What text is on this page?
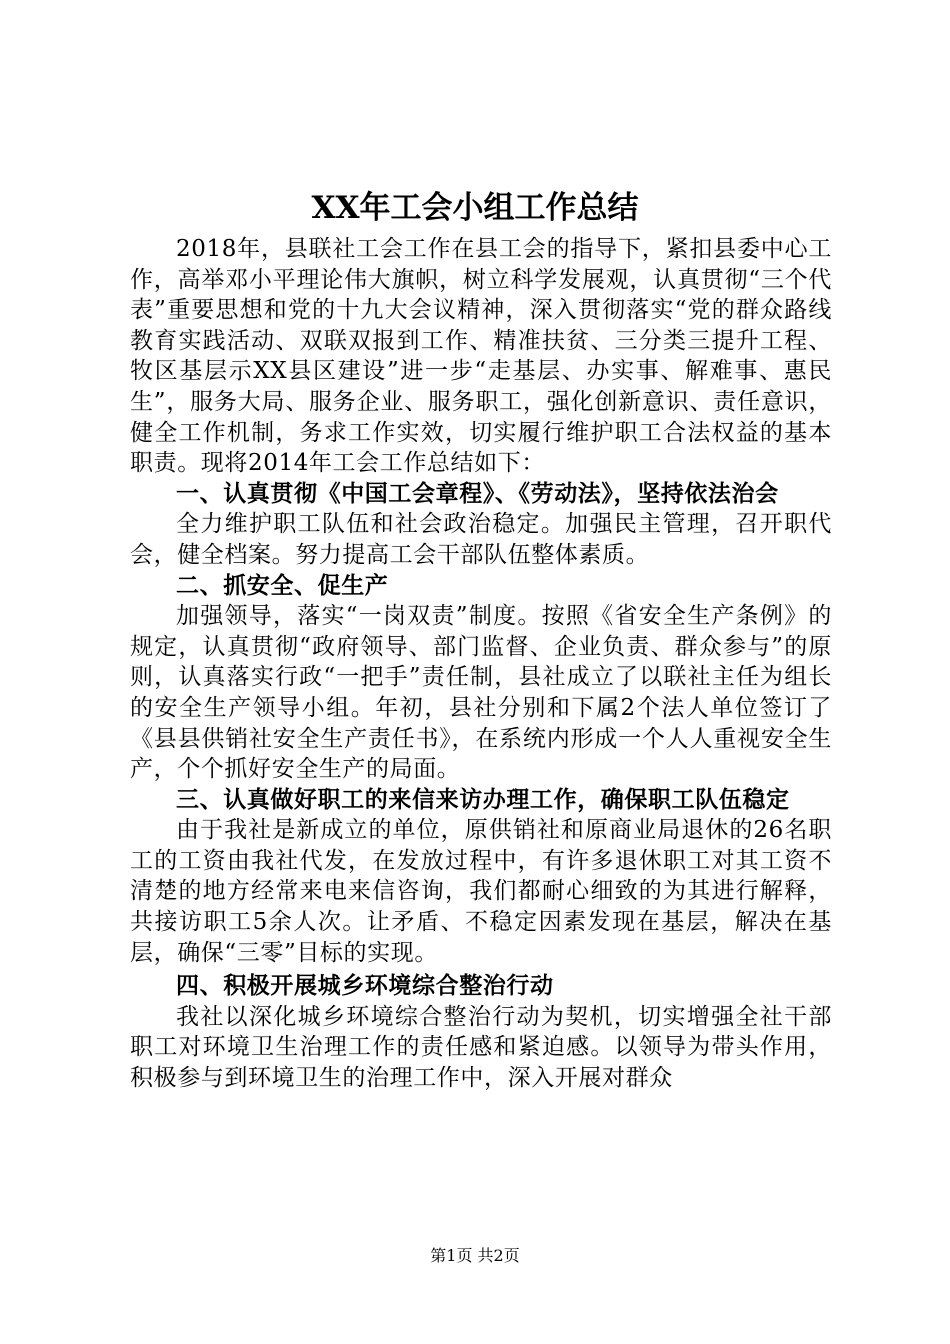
XX年工会小组工作总结

2018年，县联社工会工作在县工会的指导下，紧扣县委中心工作，高举邓小平理论伟大旗帜，树立科学发展观，认真贯彻“三个代表”重要思想和党的十九大会议精神，深入贯彻落实“党的群众路线教育实践活动、双联双报到工作、精准扶贫、三分类三提升工程、牧区基层示XX县区建设”进一步“走基层、办实事、解难事、惠民生”，服务大局、服务企业、服务职工，强化创新意识、责任意识，健全工作机制，务求工作实效，切实履行维护职工合法权益的基本职责。现将2014年工会工作总结如下：

一、认真贯彻《中国工会章程》、《劳动法》，坚持依法治会

全力维护职工队伍和社会政治稳定。加强民主管理，召开职代会，健全档案。努力提高工会干部队伍整体素质。

二、抓安全、促生产

加强领导，落实“一岗双责”制度。按照《省安全生产条例》的规定，认真贯彻“政府领导、部门监督、企业负责、群众参与”的原则，认真落实行政“一把手”责任制，县社成立了以联社主任为组长的安全生产领导小组。年初，县社分别和下属2个法人单位签订了《县县供销社安全生产责任书》，在系统内形成一个人人重视安全生产，个个抓好安全生产的局面。

三、认真做好职工的来信来访办理工作，确保职工队伍稳定

由于我社是新成立的单位，原供销社和原商业局退休的26名职工的工资由我社代发，在发放过程中，有许多退休职工对其工资不清楚的地方经常来电来信咨询，我们都耐心细致的为其进行解释，共接访职工5余人次。让矛盾、不稳定因素发现在基层，解决在基层，确保“三零”目标的实现。

四、积极开展城乡环境综合整治行动

我社以深化城乡环境综合整治行动为契机，切实增强全社干部职工对环境卫生治理工作的责任感和紧迫感。以领导为带头作用，积极参与到环境卫生的治理工作中，深入开展对群众

第1页 共2页
